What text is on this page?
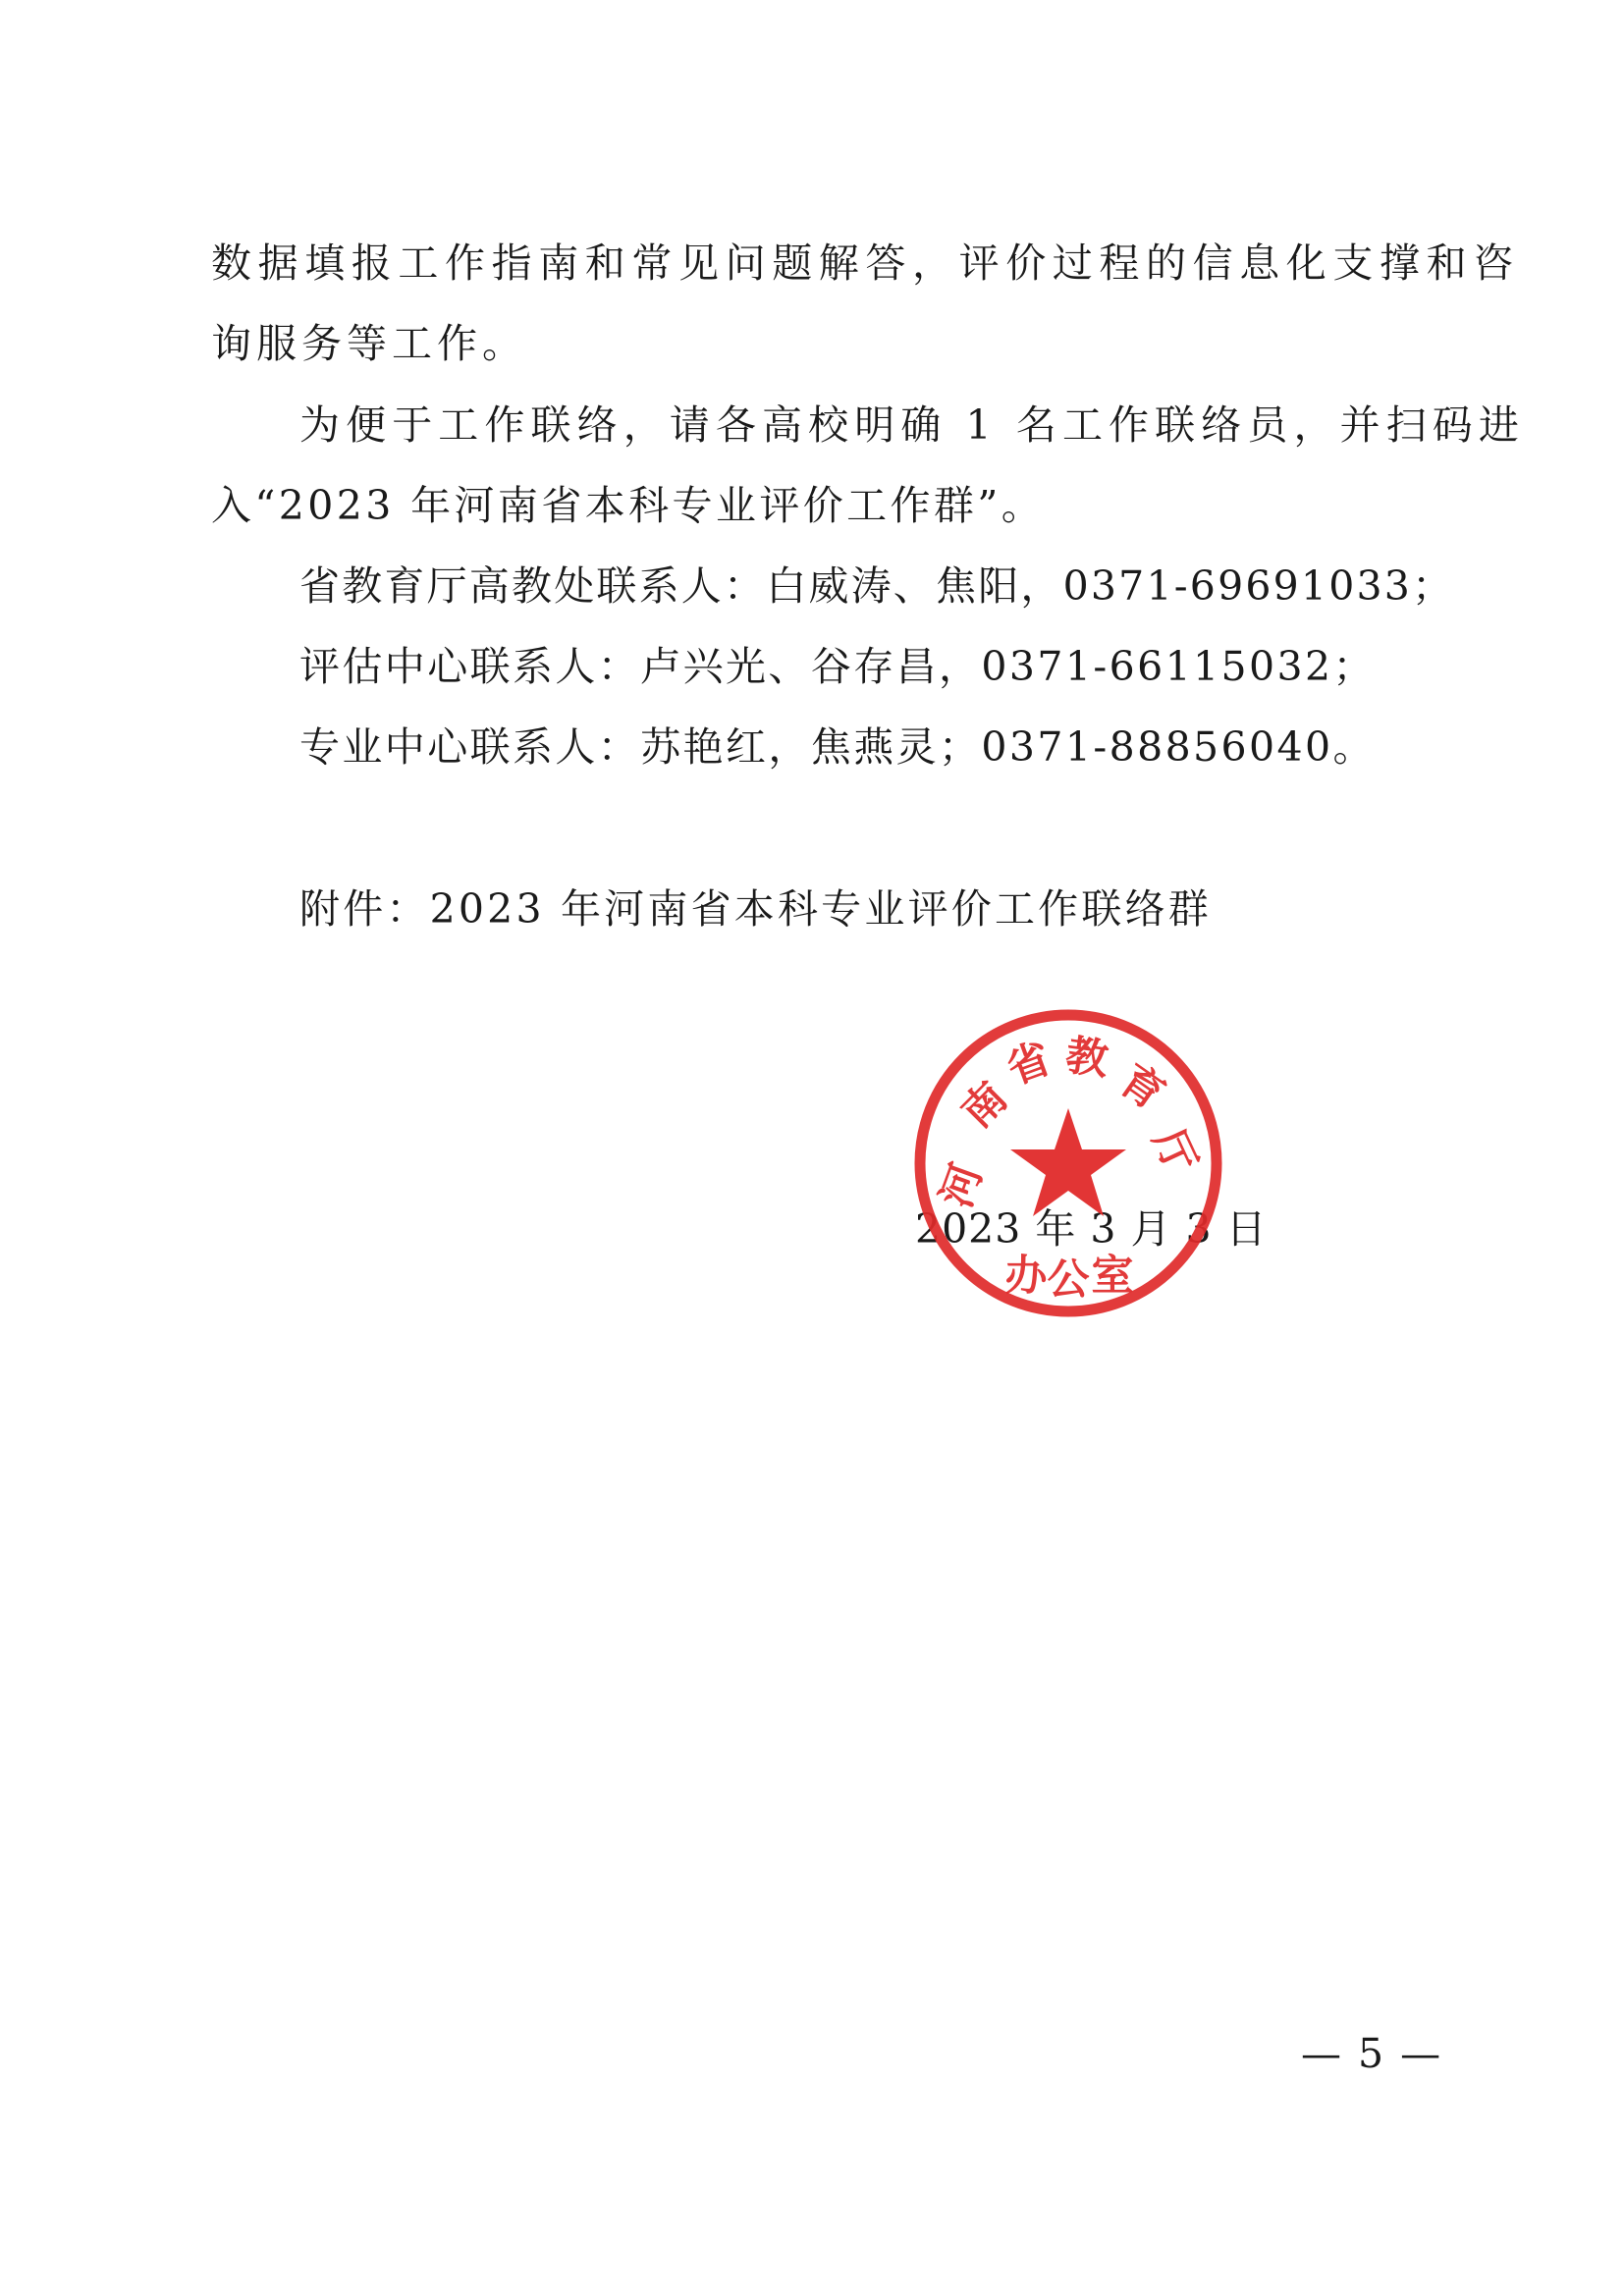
数据填报工作指南和常见问题解答，评价过程的信息化支撑和咨
询服务等工作。
为便于工作联络，请各高校明确 1 名工作联络员，并扫码进
入“2023 年河南省本科专业评价工作群”。
省教育厅高教处联系人：白威涛、焦阳，0371-69691033；
评估中心联系人：卢兴光、谷存昌，0371-66115032；
专业中心联系人：苏艳红，焦燕灵；0371-88856040。
附件：2023 年河南省本科专业评价工作联络群
2023 年 3 月 3 日
河
南
省 教 育
厅
办 公 室
— 5 —
